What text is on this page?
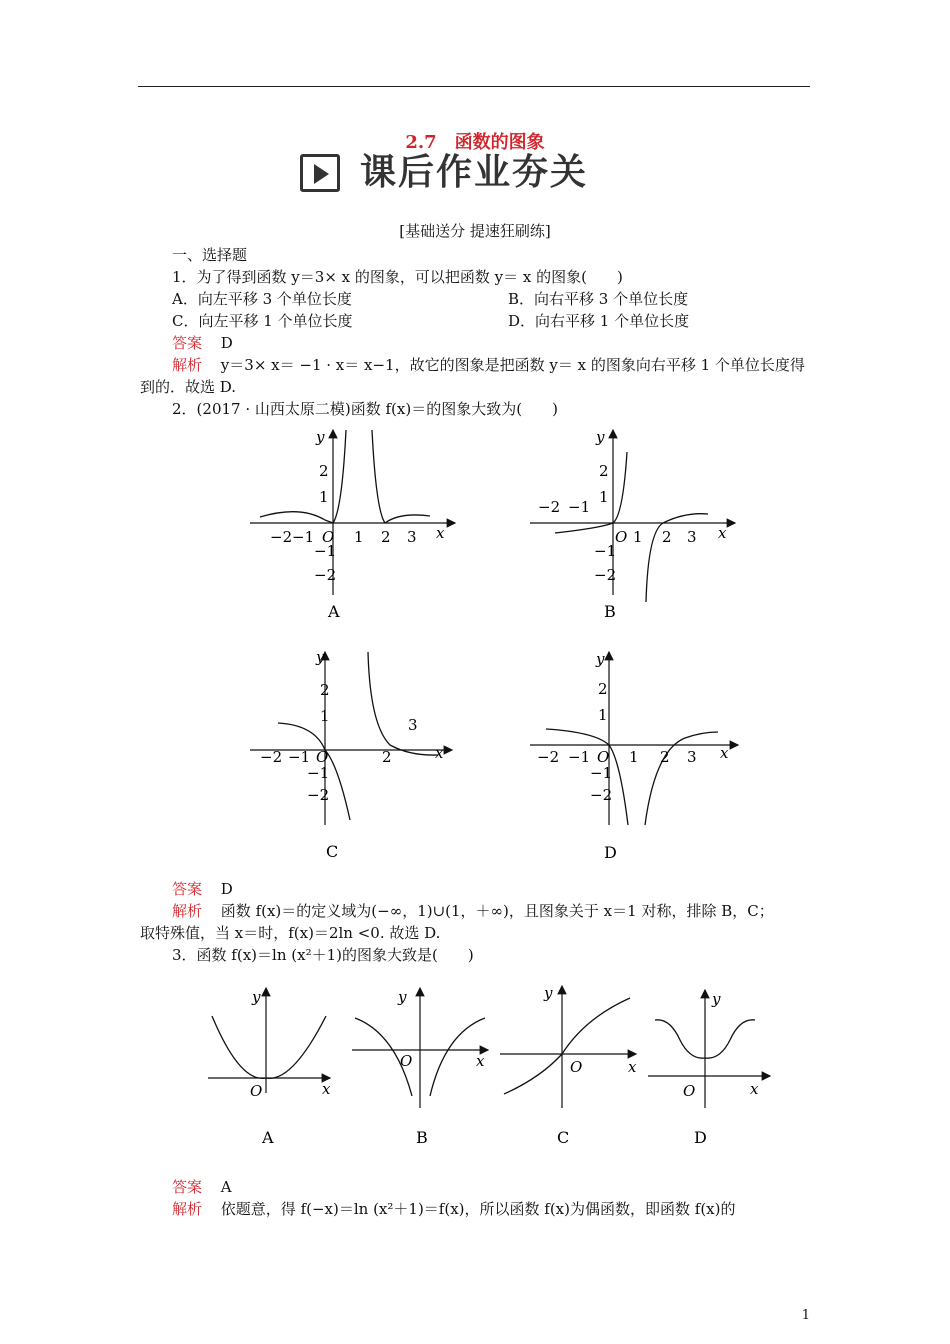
2.7　函数的图象
课后作业夯关
[基础送分 提速狂刷练]
一、选择题
1．为了得到函数 y＝3× x 的图象，可以把函数 y＝ x 的图象(　　)
A．向左平移 3 个单位长度	B．向右平移 3 个单位长度
C．向左平移 1 个单位长度	D．向右平移 1 个单位长度
答案 D
解析 y＝3× x＝ −1 · x＝ x−1，故它的图象是把函数 y＝ x 的图象向右平移 1 个单位长度得
到的．故选 D.
2．(2017 · 山西太原二模)函数 f(x)＝的图象大致为(　　)
−2 −1 O 1 2 3 x
y
2
1
−1
−2
A
−2 −1
O 1 2 3 x
y
2
1
−1
−2
B
−2 −1 O	2
3
x
y
2
1
−1
−2
C
−2 −1 O 1 2 3 x
y
2
1
−1
−2
D
答案 D
解析 函数 f(x)＝的定义域为(−∞，1)∪(1，＋∞)，且图象关于 x＝1 对称，排除 B，C；
取特殊值，当 x＝时，f(x)＝2ln <0. 故选 D.
3．函数 f(x)＝ln (x²＋1)的图象大致是(　　)
O	x
y
A
O	x
y
B
O	x
y
C
O	x
y
D
答案 A
解析 依题意，得 f(−x)＝ln (x²＋1)＝f(x)，所以函数 f(x)为偶函数，即函数 f(x)的
1
